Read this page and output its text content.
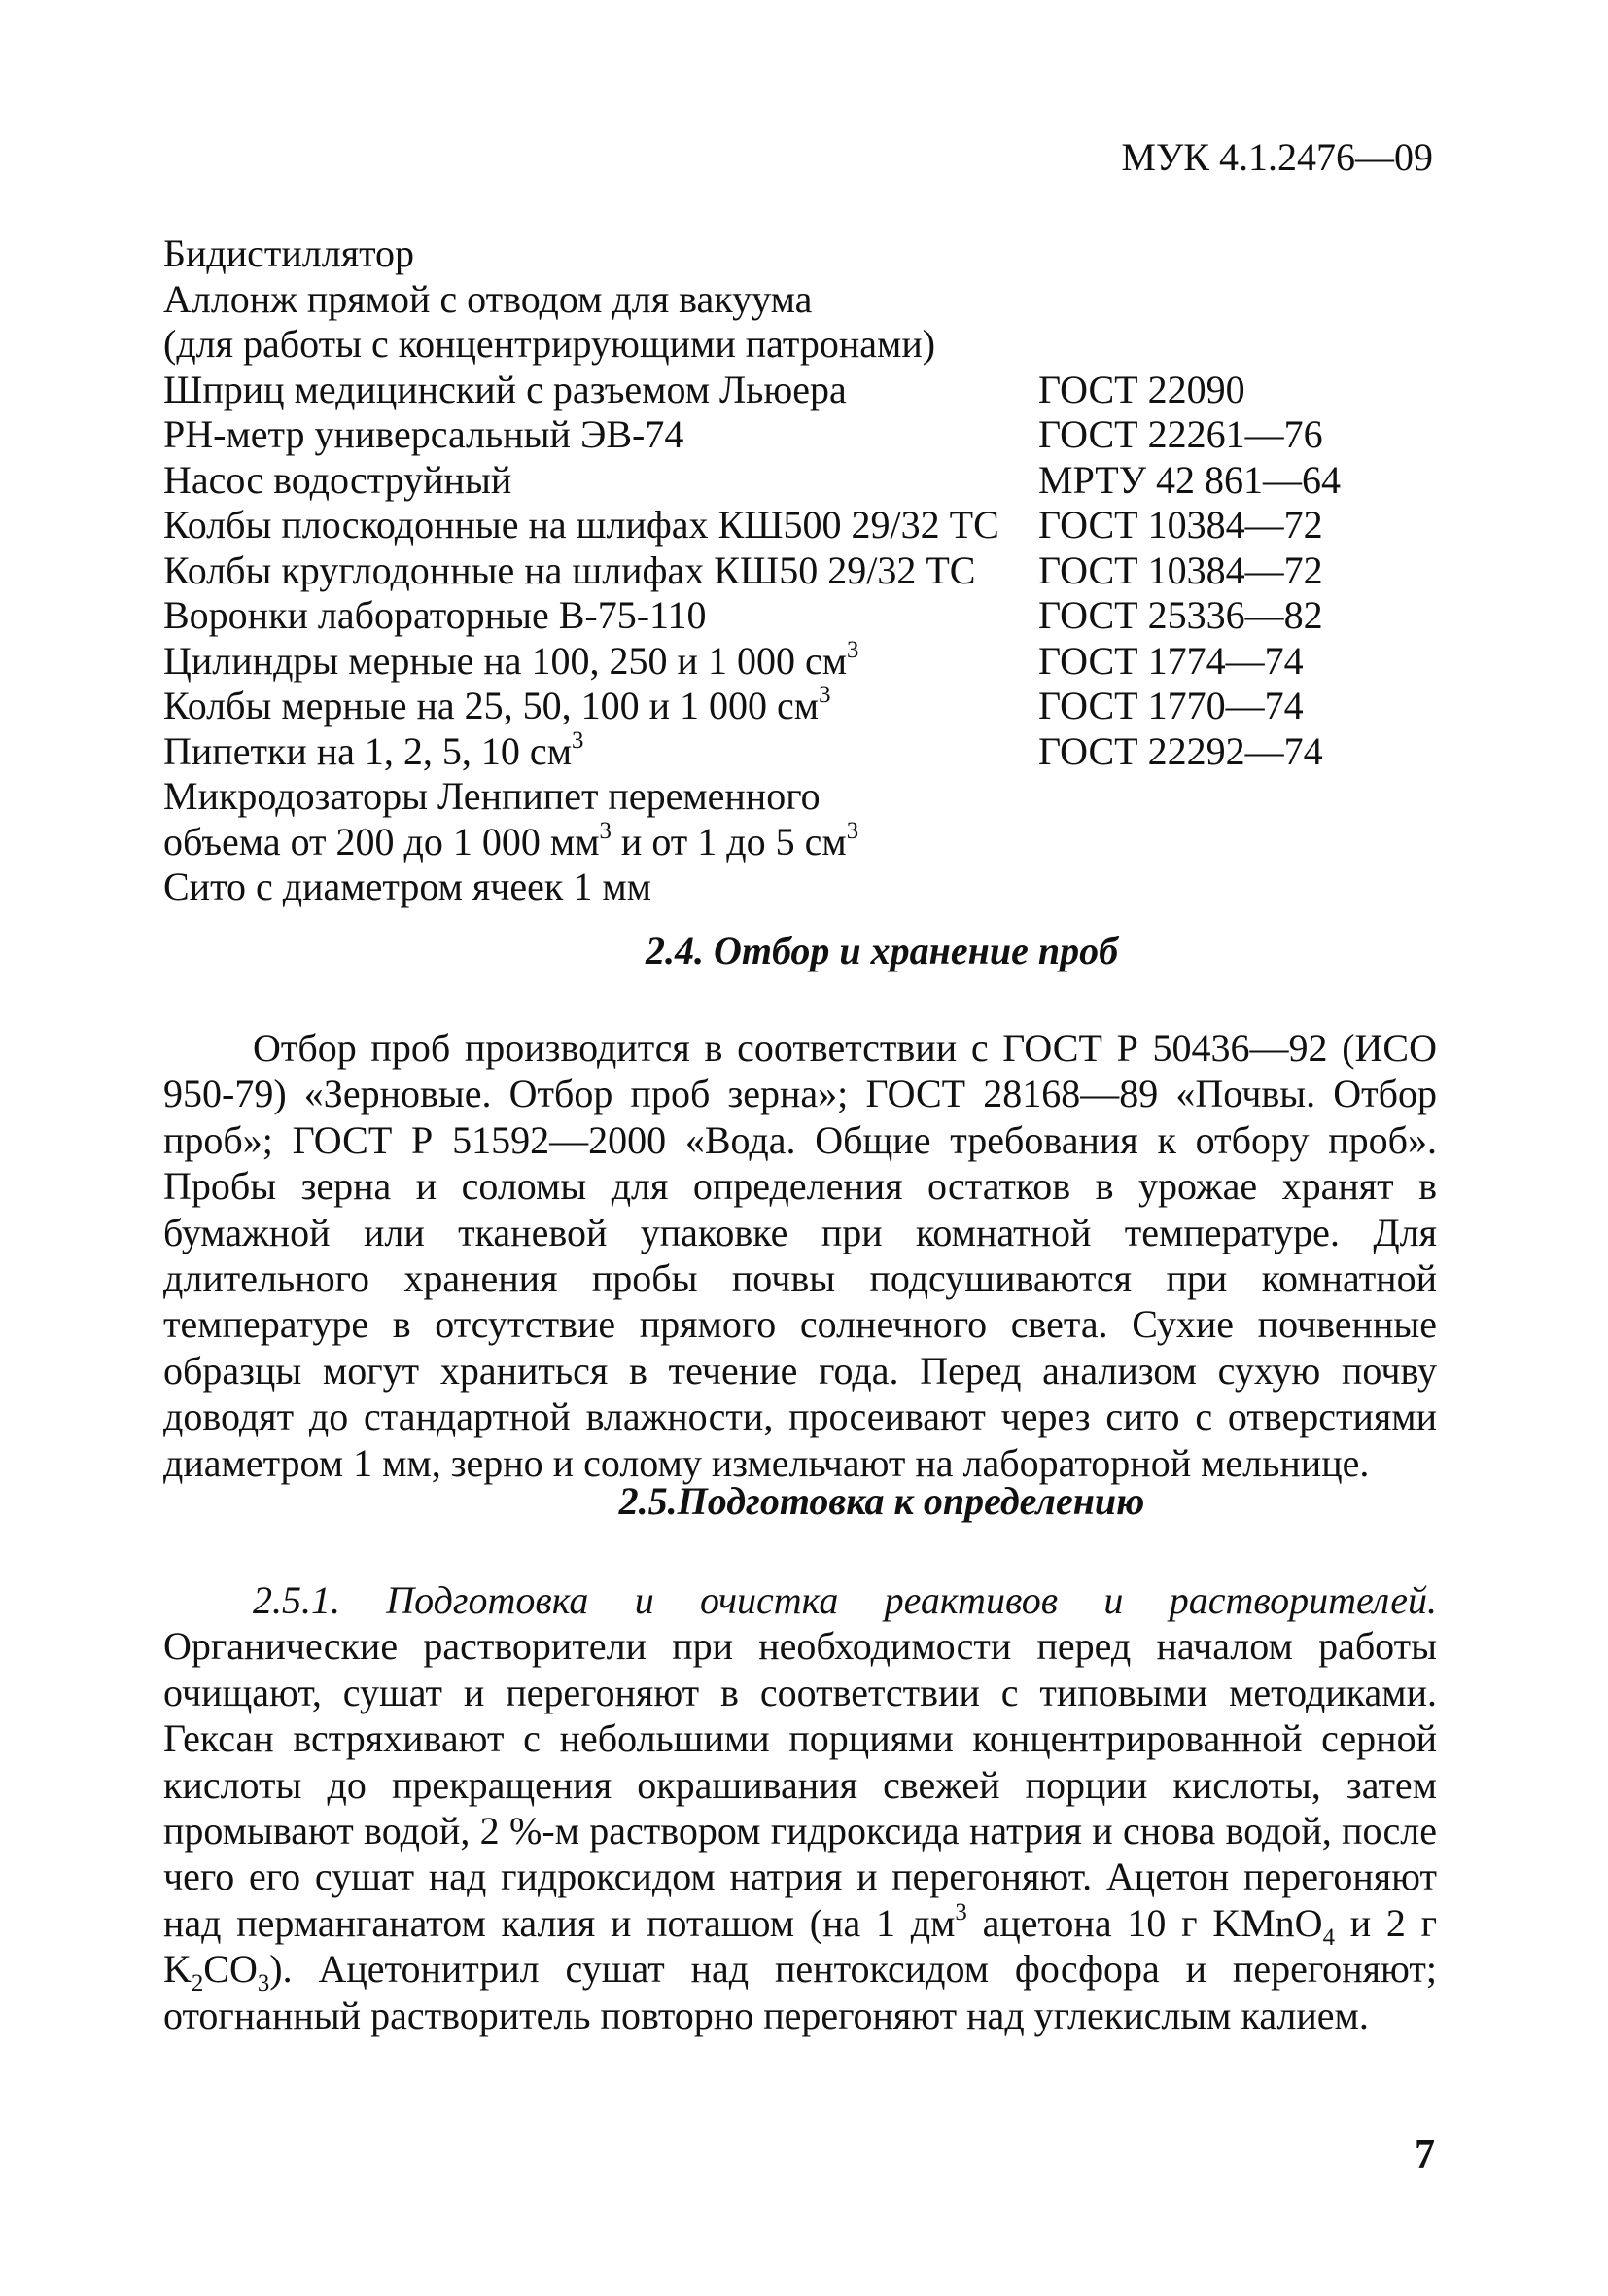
МУК 4.1.2476—09
Бидистиллятор
Аллонж прямой с отводом для вакуума
(для работы с концентрирующими патронами)
Шприц медицинский с разъемом Льюера	ГОСТ 22090
PH-метр универсальный ЭВ-74	ГОСТ 22261—76
Насос водоструйный	МРТУ 42 861—64
Колбы плоскодонные на шлифах КШ500 29/32 ТС ГОСТ 10384—72
Колбы круглодонные на шлифах КШ50 29/32 ТС ГОСТ 10384—72
Воронки лабораторные В-75-110	ГОСТ 25336—82
Цилиндры мерные на 100, 250 и 1 000 $см^3$	ГОСТ 1774—74
Колбы мерные на 25, 50, 100 и 1 000 $см^3$	ГОСТ 1770—74
Пипетки на 1, 2, 5, 10 $см^3$	ГОСТ 22292—74
Микродозаторы Ленпипет переменного
объема от 200 до 1 000 $мм^3$ и от 1 до 5 $см^3$
Сито с диаметром ячеек 1 мм
2.4. Отбор и хранение проб

Отбор проб производится в соответствии с ГОСТ Р 50436—92 (ИСО 950-79) «Зерновые. Отбор проб зерна»; ГОСТ 28168—89 «Почвы. Отбор проб»; ГОСТ Р 51592—2000 «Вода. Общие требования к отбору проб». Пробы зерна и соломы для определения остатков в урожае хранят в бумажной или тканевой упаковке при комнатной температуре. Для длительного хранения пробы почвы подсушиваются при комнатной температуре в отсутствие прямого солнечного света. Сухие почвенные образцы могут храниться в течение года. Перед анализом сухую почву доводят до стандартной влажности, просеивают через сито с отверстиями диаметром 1 мм, зерно и солому измельчают на лабораторной мельнице.

2.5.Подготовка к определению

2.5.1. Подготовка и очистка реактивов и растворителей. Органические растворители при необходимости перед началом работы очищают, сушат и перегоняют в соответствии с типовыми методиками. Гексан встряхивают с небольшими порциями концентрированной серной кислоты до прекращения окрашивания свежей порции кислоты, затем промывают водой, 2 %-м раствором гидроксида натрия и снова водой, после чего его сушат над гидроксидом натрия и перегоняют. Ацетон перегоняют над перманганатом калия и поташом (на 1 $дм^3$ ацетона 10 г KMnO$_4$ и 2 г $K_2CO_3$). Ацетонитрил сушат над пентоксидом фосфора и перегоняют; отогнанный растворитель повторно перегоняют над углекислым калием.

7
